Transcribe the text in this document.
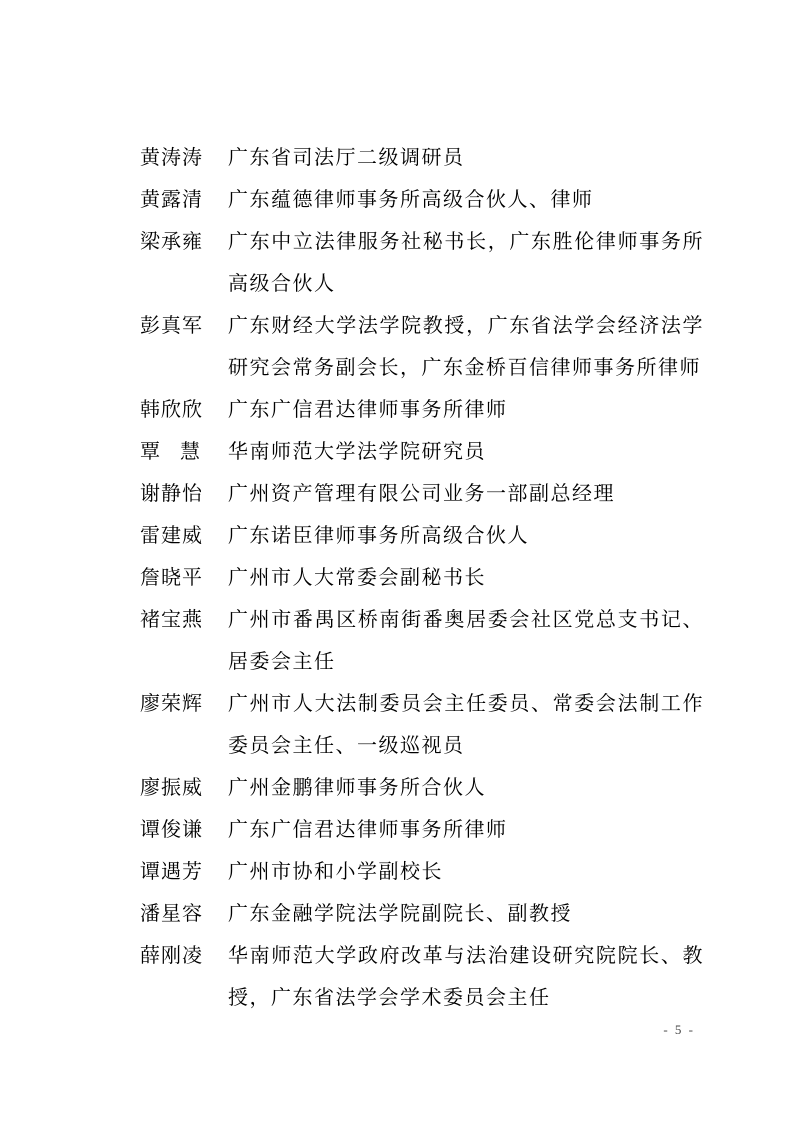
黄涛涛	广东省司法厅二级调研员
黄露清	广东蕴德律师事务所高级合伙人、律师
梁承雍	广东中立法律服务社秘书长，广东胜伦律师事务所高级合伙人
彭真军	广东财经大学法学院教授，广东省法学会经济法学研究会常务副会长，广东金桥百信律师事务所律师
韩欣欣	广东广信君达律师事务所律师
覃　慧	华南师范大学法学院研究员
谢静怡	广州资产管理有限公司业务一部副总经理
雷建威	广东诺臣律师事务所高级合伙人
詹晓平	广州市人大常委会副秘书长
褚宝燕	广州市番禺区桥南街番奥居委会社区党总支书记、居委会主任
廖荣辉	广州市人大法制委员会主任委员、常委会法制工作委员会主任、一级巡视员
廖振威	广州金鹏律师事务所合伙人
谭俊谦	广东广信君达律师事务所律师
谭遇芳	广州市协和小学副校长
潘星容	广东金融学院法学院副院长、副教授
薛刚凌	华南师范大学政府改革与法治建设研究院院长、教授，广东省法学会学术委员会主任
- 5 -
